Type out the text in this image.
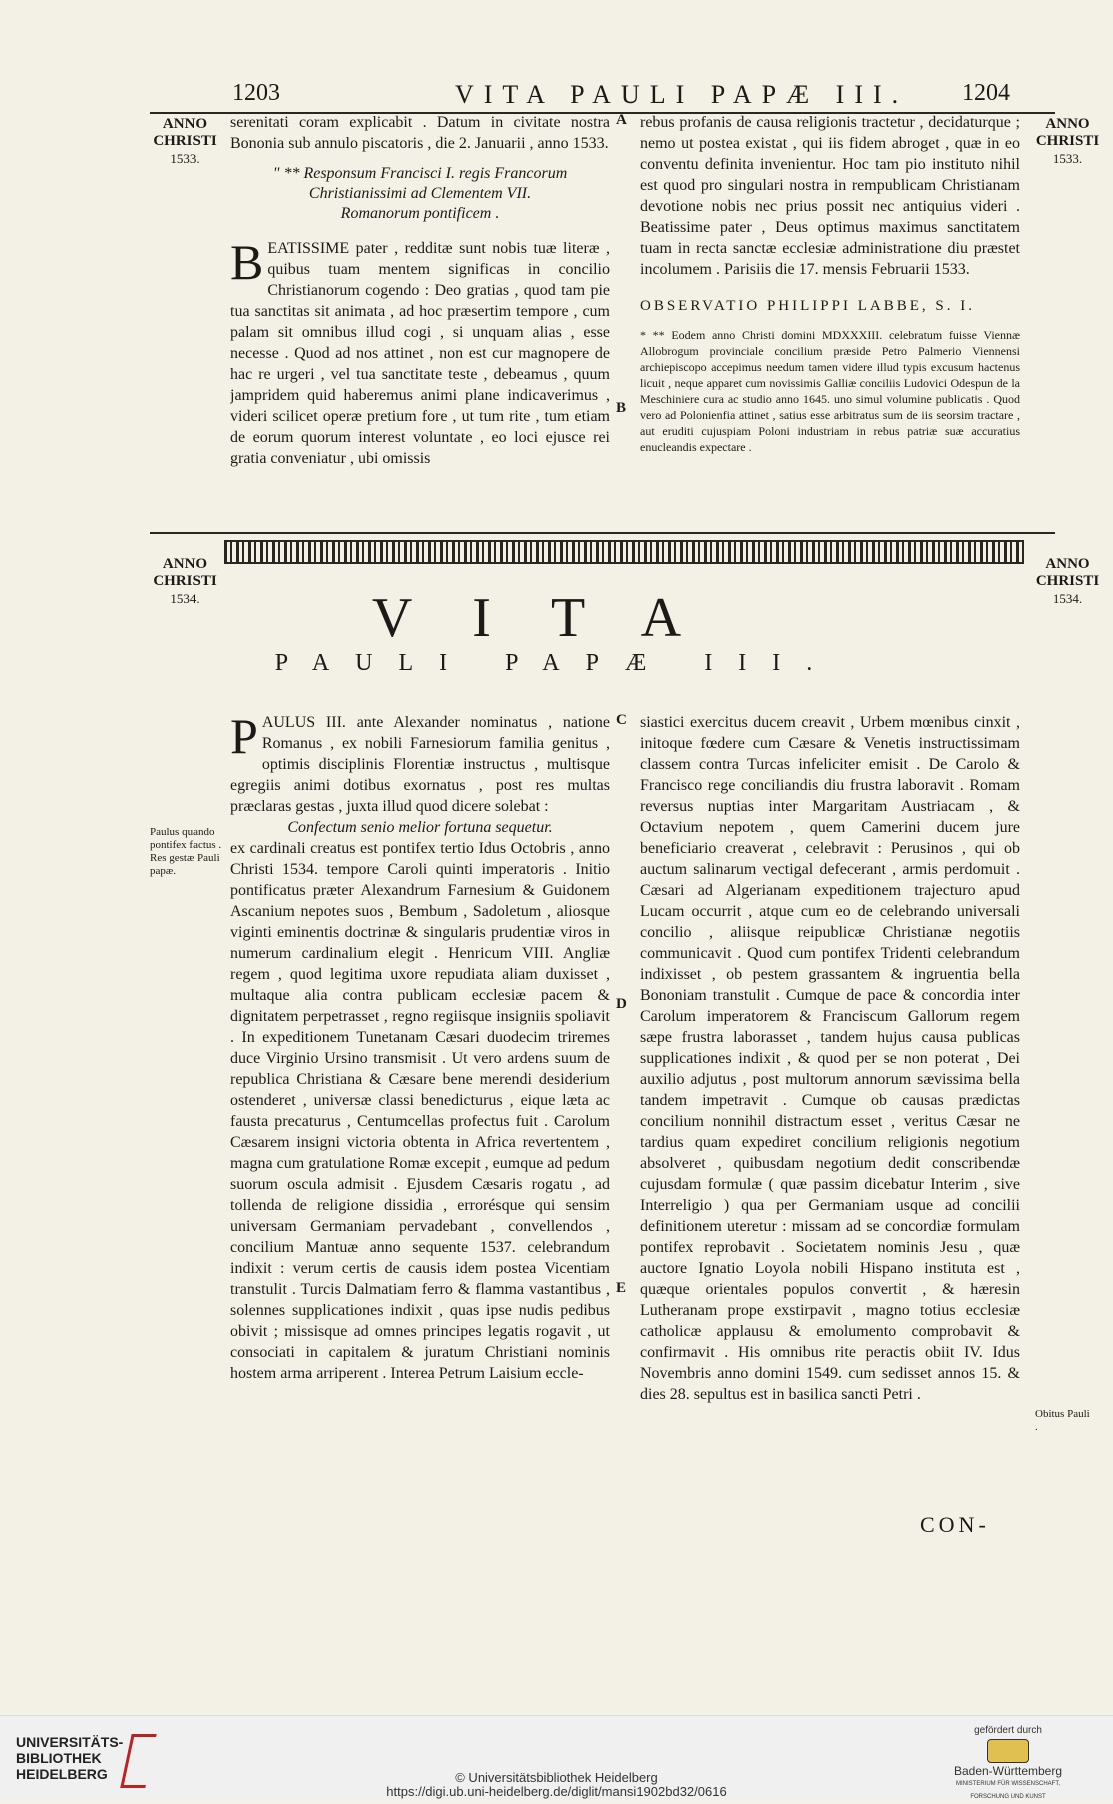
1203	VITA PAULI PAPÆ III. 1204
ANNO
CHRISTI
1533.
ANNO
CHRISTI
1533.
A
B

serenitati coram explicabit . Datum in civitate nostra Bononia sub annulo piscatoris , die 2. Januarii , anno 1533.

" ** Responsum Francisci I. regis Francorum
Christianissimi ad Clementem VII.
Romanorum pontificem .

BEATISSIME pater , redditæ sunt nobis tuæ literæ , quibus tuam mentem significas in concilio Christianorum cogendo : Deo gratias , quod tam pie tua sanctitas sit animata , ad hoc præsertim tempore , cum palam sit omnibus illud cogi , si unquam alias , esse necesse . Quod ad nos attinet , non est cur magnopere de hac re urgeri , vel tua sanctitate teste , debeamus , quum jampridem quid haberemus animi plane indicaverimus , videri scilicet operæ pretium fore , ut tum rite , tum etiam de eorum quorum interest voluntate , eo loci ejusce rei gratia conveniatur , ubi omissis

rebus profanis de causa religionis tractetur , decidaturque ; nemo ut postea existat , qui iis fidem abroget , quæ in eo conventu definita invenientur. Hoc tam pio instituto nihil est quod pro singulari nostra in rempublicam Christianam devotione nobis nec prius possit nec antiquius videri . Beatissime pater , Deus optimus maximus sanctitatem tuam in recta sanctæ ecclesiæ administratione diu præstet incolumem . Parisiis die 17. mensis Februarii 1533.

OBSERVATIO PHILIPPI LABBE, S. I.

* ** Eodem anno Christi domini MDXXXIII. celebratum fuisse Viennæ Allobrogum provinciale concilium præside Petro Palmerio Viennensi archiepiscopo accepimus needum tamen videre illud typis excusum hactenus licuit , neque apparet cum novissimis Galliæ conciliis Ludovici Odespun de la Meschiniere cura ac studio anno 1645. uno simul volumine publicatis . Quod vero ad Polonienfia attinet , satius esse arbitratus sum de iis seorsim tractare , aut eruditi cujuspiam Poloni industriam in rebus patriæ suæ accuratius enucleandis expectare .

ANNO
CHRISTI
1534.
ANNO
CHRISTI
1534.
VITA
PAULI PAPÆ III.
C
D
E
Paulus quando pontifex factus . Res gestæ Pauli papæ.
Obitus Pauli .

PAULUS III. ante Alexander nominatus , natione Romanus , ex nobili Farnesiorum familia genitus , optimis disciplinis Florentiæ instructus , multisque egregiis animi dotibus exornatus , post res multas præclaras gestas , juxta illud quod dicere solebat :

Confectum senio melior fortuna sequetur.

ex cardinali creatus est pontifex tertio Idus Octobris , anno Christi 1534. tempore Caroli quinti imperatoris . Initio pontificatus præter Alexandrum Farnesium & Guidonem Ascanium nepotes suos , Bembum , Sadoletum , aliosque viginti eminentis doctrinæ & singularis prudentiæ viros in numerum cardinalium elegit . Henricum VIII. Angliæ regem , quod legitima uxore repudiata aliam duxisset , multaque alia contra publicam ecclesiæ pacem & dignitatem perpetrasset , regno regiisque insigniis spoliavit . In expeditionem Tunetanam Cæsari duodecim triremes duce Virginio Ursino transmisit . Ut vero ardens suum de republica Christiana & Cæsare bene merendi desiderium ostenderet , universæ classi benedicturus , eique læta ac fausta precaturus , Centumcellas profectus fuit . Carolum Cæsarem insigni victoria obtenta in Africa revertentem , magna cum gratulatione Romæ excepit , eumque ad pedum suorum oscula admisit . Ejusdem Cæsaris rogatu , ad tollenda de religione dissidia , errorésque qui sensim universam Germaniam pervadebant , convellendos , concilium Mantuæ anno sequente 1537. celebrandum indixit : verum certis de causis idem postea Vicentiam transtulit . Turcis Dalmatiam ferro & flamma vastantibus , solennes supplicationes indixit , quas ipse nudis pedibus obivit ; missisque ad omnes principes legatis rogavit , ut consociati in capitalem & juratum Christiani nominis hostem arma arriperent . Interea Petrum Laisium eccle-

siastici exercitus ducem creavit , Urbem mœnibus cinxit , initoque fœdere cum Cæsare & Venetis instructissimam classem contra Turcas infeliciter emisit . De Carolo & Francisco rege conciliandis diu frustra laboravit . Romam reversus nuptias inter Margaritam Austriacam , & Octavium nepotem , quem Camerini ducem jure beneficiario creaverat , celebravit : Perusinos , qui ob auctum salinarum vectigal defecerant , armis perdomuit . Cæsari ad Algerianam expeditionem trajecturo apud Lucam occurrit , atque cum eo de celebrando universali concilio , aliisque reipublicæ Christianæ negotiis communicavit . Quod cum pontifex Tridenti celebrandum indixisset , ob pestem grassantem & ingruentia bella Bononiam transtulit . Cumque de pace & concordia inter Carolum imperatorem & Franciscum Gallorum regem sæpe frustra laborasset , tandem hujus causa publicas supplicationes indixit , & quod per se non poterat , Dei auxilio adjutus , post multorum annorum sævissima bella tandem impetravit . Cumque ob causas prædictas concilium nonnihil distractum esset , veritus Cæsar ne tardius quam expediret concilium religionis negotium absolveret , quibusdam negotium dedit conscribendæ cujusdam formulæ ( quæ passim dicebatur Interim , sive Interreligio ) qua per Germaniam usque ad concilii definitionem uteretur : missam ad se concordiæ formulam pontifex reprobavit . Societatem nominis Jesu , quæ auctore Ignatio Loyola nobili Hispano instituta est , quæque orientales populos convertit , & hæresin Lutheranam prope exstirpavit , magno totius ecclesiæ catholicæ applausu & emolumento comprobavit & confirmavit . His omnibus rite peractis obiit IV. Idus Novembris anno domini 1549. cum sedisset annos 15. & dies 28. sepultus est in basilica sancti Petri .

CON-
UNIVERSITÄTS-
BIBLIOTHEK
HEIDELBERG	© Universitätsbibliothek Heidelberg
https://digi.ub.uni-heidelberg.de/diglit/mansi1902bd32/0616
gefördert durch
Baden-Württemberg
MINISTERIUM FÜR WISSENSCHAFT, FORSCHUNG UND KUNST
